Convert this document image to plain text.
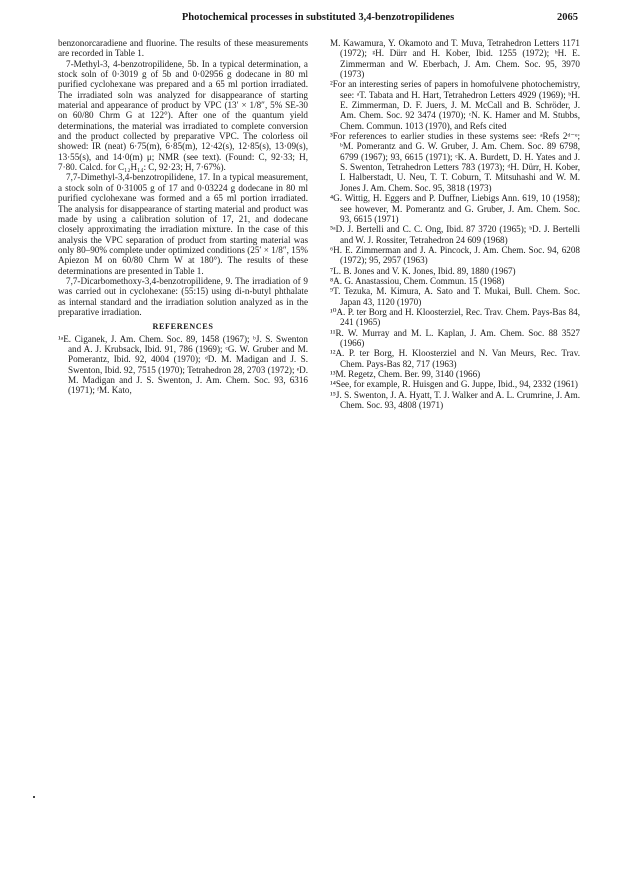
Photochemical processes in substituted 3,4-benzotropilidenes	2065

benzonorcaradiene and fluorine. The results of these measurements are recorded in Table 1.

7-Methyl-3, 4-benzotropilidene, 5b. In a typical determination, a stock soln of 0·3019 g of 5b and 0·02956 g dodecane in 80 ml purified cyclohexane was prepared and a 65 ml portion irradiated. The irradiated soln was analyzed for disappearance of starting material and appearance of product by VPC (13′ × 1/8″, 5% SE-30 on 60/80 Chrm G at 122°). After one of the quantum yield determinations, the material was irradiated to complete conversion and the product collected by preparative VPC. The colorless oil showed: IR (neat) 6·75(m), 6·85(m), 12·42(s), 12·85(s), 13·09(s), 13·55(s), and 14·0(m) μ; NMR (see text). (Found: C, 92·33; H, 7·80. Calcd. for C₁₂H₁₄: C, 92·23; H, 7·67%).

7,7-Dimethyl-3,4-benzotropilidene, 17. In a typical measurement, a stock soln of 0·31005 g of 17 and 0·03224 g dodecane in 80 ml purified cyclohexane was formed and a 65 ml portion irradiated. The analysis for disappearance of starting material and product was made by using a calibration solution of 17, 21, and dodecane closely approximating the irradiation mixture. In the case of this analysis the VPC separation of product from starting material was only 80–90% complete under optimized conditions (25′ × 1/8″, 15% Apiezon M on 60/80 Chrm W at 180°). The results of these determinations are presented in Table 1.

7,7-Dicarbomethoxy-3,4-benzotropilidene, 9. The irradiation of 9 was carried out in cyclohexane: (55:15) using di-n-butyl phthalate as internal standard and the irradiation solution analyzed as in the preparative irradiation.

REFERENCES

¹ᵃE. Ciganek, J. Am. Chem. Soc. 89, 1458 (1967); ᵇJ. S. Swenton and A. J. Krubsack, Ibid. 91, 786 (1969); ᶜG. W. Gruber and M. Pomerantz, Ibid. 92, 4004 (1970); ᵈD. M. Madigan and J. S. Swenton, Ibid. 92, 7515 (1970); Tetrahedron 28, 2703 (1972); ᵉD. M. Madigan and J. S. Swenton, J. Am. Chem. Soc. 93, 6316 (1971); ᶠM. Kato,

M. Kawamura, Y. Okamoto and T. Muva, Tetrahedron Letters 1171 (1972); ᵍH. Dürr and H. Kober, Ibid. 1255 (1972); ʰH. E. Zimmerman and W. Eberbach, J. Am. Chem. Soc. 95, 3970 (1973)

²For an interesting series of papers in homofulvene photochemistry, see: ᵃT. Tabata and H. Hart, Tetrahedron Letters 4929 (1969); ᵇH. E. Zimmerman, D. F. Juers, J. M. McCall and B. Schröder, J. Am. Chem. Soc. 92 3474 (1970); ᶜN. K. Hamer and M. Stubbs, Chem. Commun. 1013 (1970), and Refs cited

³For references to earlier studies in these systems see: ᵃRefs 2ᵈ⁻ᵉ; ᵇM. Pomerantz and G. W. Gruber, J. Am. Chem. Soc. 89 6798, 6799 (1967); 93, 6615 (1971); ᶜK. A. Burdett, D. H. Yates and J. S. Swenton, Tetrahedron Letters 783 (1973); ᵈH. Dürr, H. Kober, I. Halberstadt, U. Neu, T. T. Coburn, T. Mitsuhashi and W. M. Jones J. Am. Chem. Soc. 95, 3818 (1973)

⁴G. Wittig, H. Eggers and P. Duffner, Liebigs Ann. 619, 10 (1958); see however, M. Pomerantz and G. Gruber, J. Am. Chem. Soc. 93, 6615 (1971)

⁵ᵃD. J. Bertelli and C. C. Ong, Ibid. 87 3720 (1965); ᵇD. J. Bertelli and W. J. Rossiter, Tetrahedron 24 609 (1968)

⁶H. E. Zimmerman and J. A. Pincock, J. Am. Chem. Soc. 94, 6208 (1972); 95, 2957 (1963)

⁷L. B. Jones and V. K. Jones, Ibid. 89, 1880 (1967)

⁸A. G. Anastassiou, Chem. Commun. 15 (1968)

⁹T. Tezuka, M. Kimura, A. Sato and T. Mukai, Bull. Chem. Soc. Japan 43, 1120 (1970)

¹⁰A. P. ter Borg and H. Kloosterziel, Rec. Trav. Chem. Pays-Bas 84, 241 (1965)

¹¹R. W. Murray and M. L. Kaplan, J. Am. Chem. Soc. 88 3527 (1966)

¹²A. P. ter Borg, H. Kloosterziel and N. Van Meurs, Rec. Trav. Chem. Pays-Bas 82, 717 (1963)

¹³M. Regetz, Chem. Ber. 99, 3140 (1966)

¹⁴See, for example, R. Huisgen and G. Juppe, Ibid., 94, 2332 (1961)

¹⁵J. S. Swenton, J. A. Hyatt, T. J. Walker and A. L. Crumrine, J. Am. Chem. Soc. 93, 4808 (1971)
